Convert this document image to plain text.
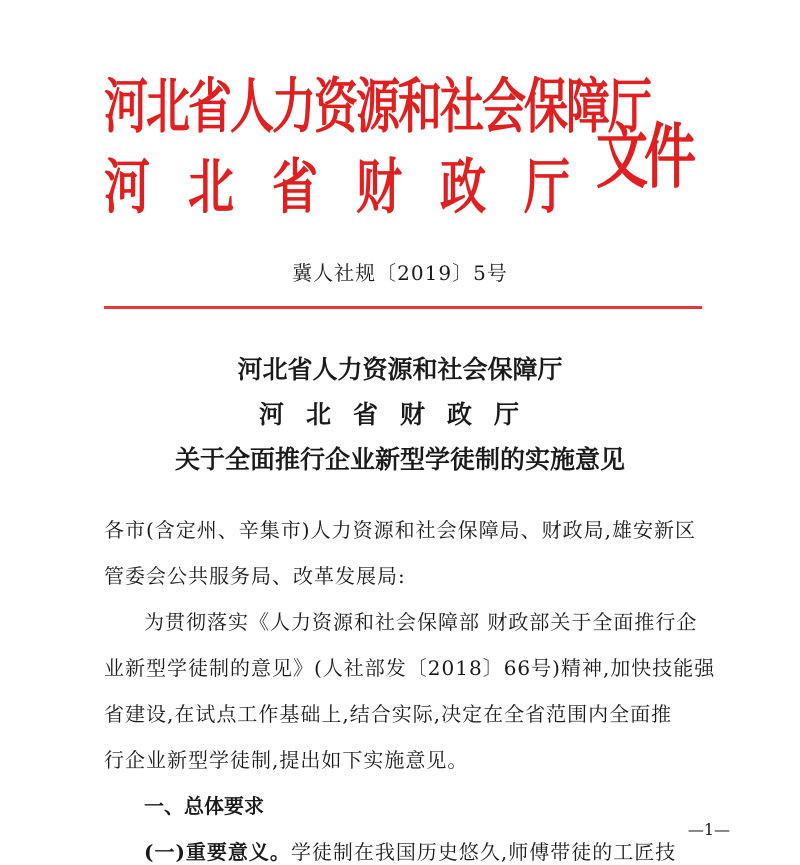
河北省人力资源和社会保障厅
河北省财政厅
文件
冀人社规〔2019〕5号
河北省人力资源和社会保障厅
河北省财政厅
关于全面推行企业新型学徒制的实施意见
各市(含定州、辛集市)人力资源和社会保障局、财政局,雄安新区
管委会公共服务局、改革发展局:
为贯彻落实《人力资源和社会保障部 财政部关于全面推行企
业新型学徒制的意见》(人社部发〔2018〕66号)精神,加快技能强
省建设,在试点工作基础上,结合实际,决定在全省范围内全面推
行企业新型学徒制,提出如下实施意见。
一、总体要求
(一)重要意义。学徒制在我国历史悠久,师傅带徒的工匠技
—1—
